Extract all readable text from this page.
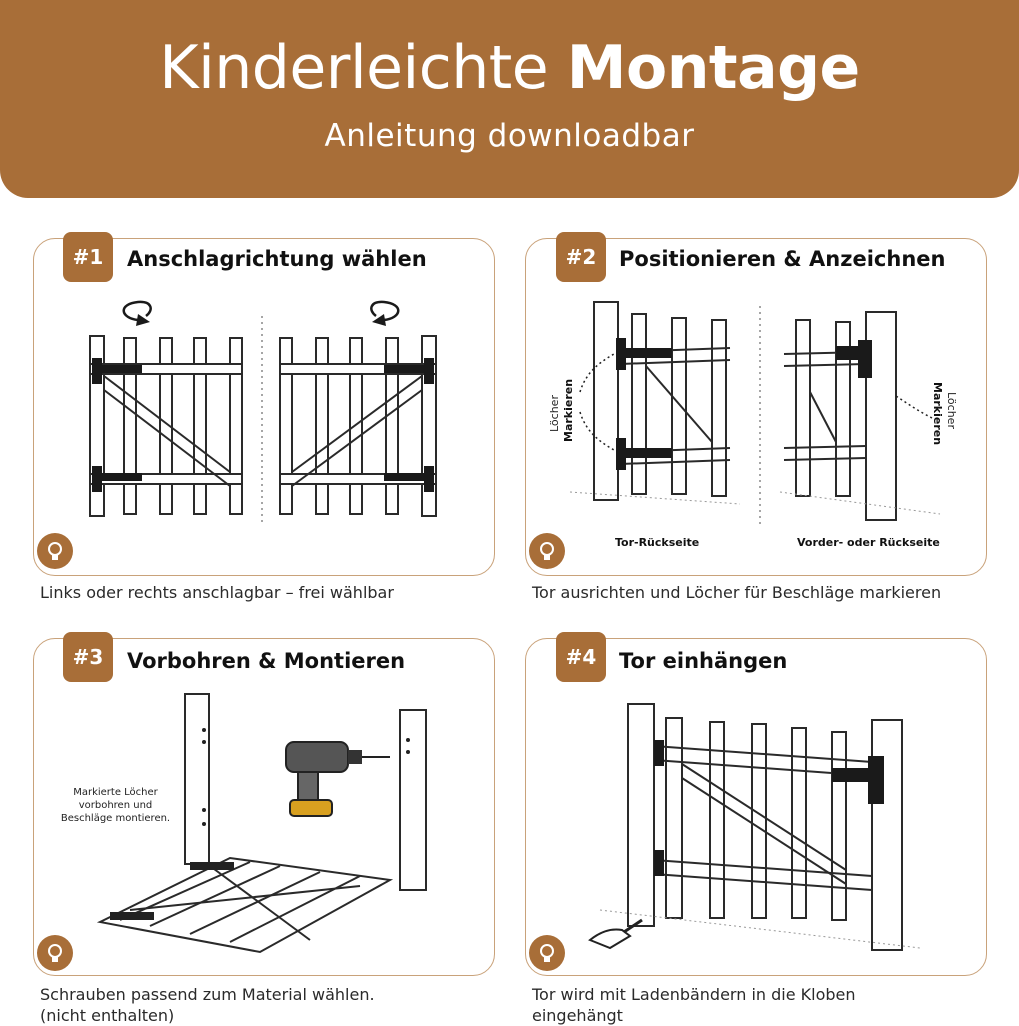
Kinderleichte Montage
Anleitung downloadbar
#1	Anschlagrichtung wählen
Links oder rechts anschlagbar – frei wählbar
#2	Positionieren & Anzeichnen
Löcher Markieren	Löcher
Markieren
Tor-Rückseite	Vorder- oder Rückseite
Tor ausrichten und Löcher für Beschläge markieren
#3	Vorbohren & Montieren
Markierte Löcher
vorbohren und
Beschläge montieren.
Schrauben passend zum Material wählen.
(nicht enthalten)
#4	Tor einhängen
Tor wird mit Ladenbändern in die Kloben
eingehängt
